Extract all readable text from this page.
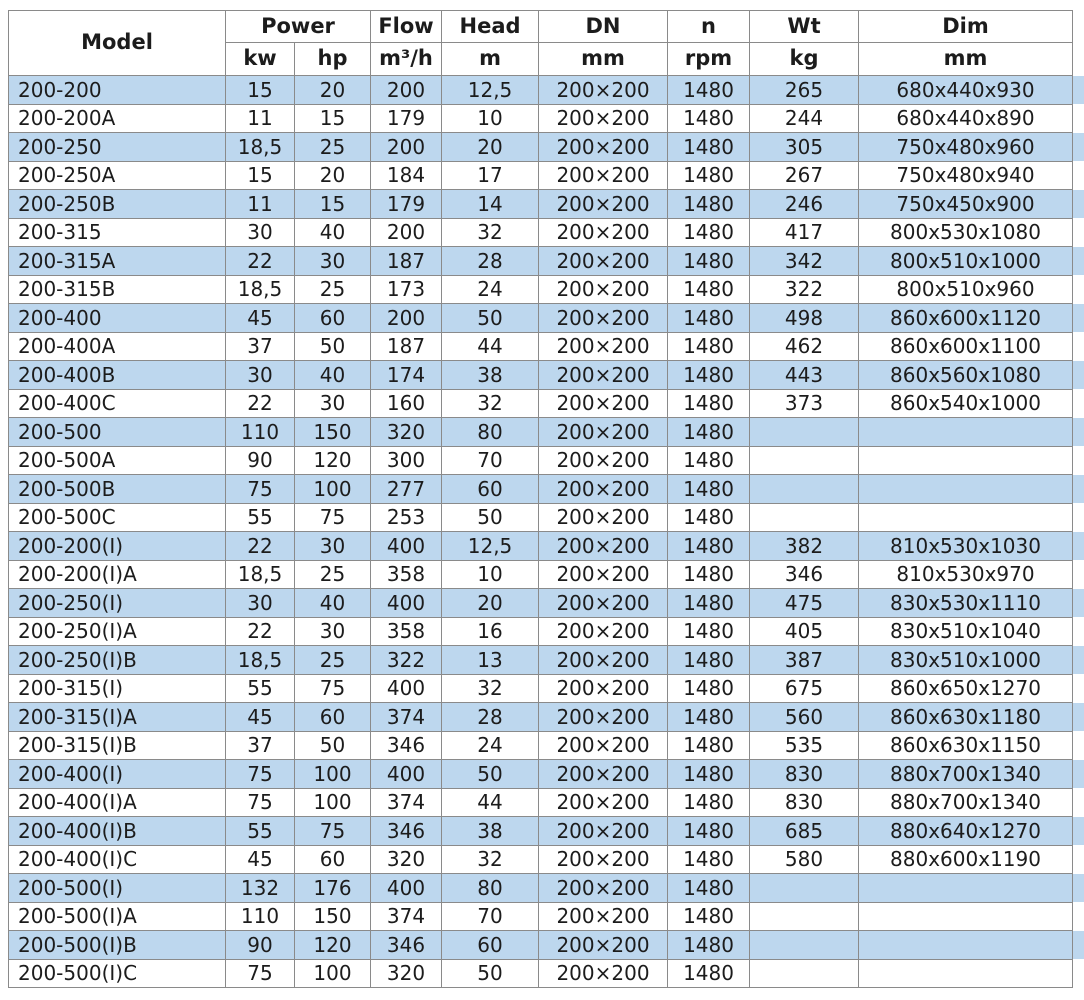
Model	Power		Flow	Head	DN	n	Wt	Dim	
	kw	hp	m³/h	m	mm	rpm	kg	mm	
200-200	15	20	200	12,5	200×200	1480	265	680x440x930	
200-200A	11	15	179	10	200×200	1480	244	680x440x890	
200-250	18,5	25	200	20	200×200	1480	305	750x480x960	
200-250A	15	20	184	17	200×200	1480	267	750x480x940	
200-250B	11	15	179	14	200×200	1480	246	750x450x900	
200-315	30	40	200	32	200×200	1480	417	800x530x1080	
200-315A	22	30	187	28	200×200	1480	342	800x510x1000	
200-315B	18,5	25	173	24	200×200	1480	322	800x510x960	
200-400	45	60	200	50	200×200	1480	498	860x600x1120	
200-400A	37	50	187	44	200×200	1480	462	860x600x1100	
200-400B	30	40	174	38	200×200	1480	443	860x560x1080	
200-400C	22	30	160	32	200×200	1480	373	860x540x1000	
200-500	110	150	320	80	200×200	1480			
200-500A	90	120	300	70	200×200	1480			
200-500B	75	100	277	60	200×200	1480			
200-500C	55	75	253	50	200×200	1480			
200-200(I)	22	30	400	12,5	200×200	1480	382	810x530x1030	
200-200(I)A	18,5	25	358	10	200×200	1480	346	810x530x970	
200-250(I)	30	40	400	20	200×200	1480	475	830x530x1110	
200-250(I)A	22	30	358	16	200×200	1480	405	830x510x1040	
200-250(I)B	18,5	25	322	13	200×200	1480	387	830x510x1000	
200-315(I)	55	75	400	32	200×200	1480	675	860x650x1270	
200-315(I)A	45	60	374	28	200×200	1480	560	860x630x1180	
200-315(I)B	37	50	346	24	200×200	1480	535	860x630x1150	
200-400(I)	75	100	400	50	200×200	1480	830	880x700x1340	
200-400(I)A	75	100	374	44	200×200	1480	830	880x700x1340	
200-400(I)B	55	75	346	38	200×200	1480	685	880x640x1270	
200-400(I)C	45	60	320	32	200×200	1480	580	880x600x1190	
200-500(I)	132	176	400	80	200×200	1480			
200-500(I)A	110	150	374	70	200×200	1480			
200-500(I)B	90	120	346	60	200×200	1480			
200-500(I)C	75	100	320	50	200×200	1480			
